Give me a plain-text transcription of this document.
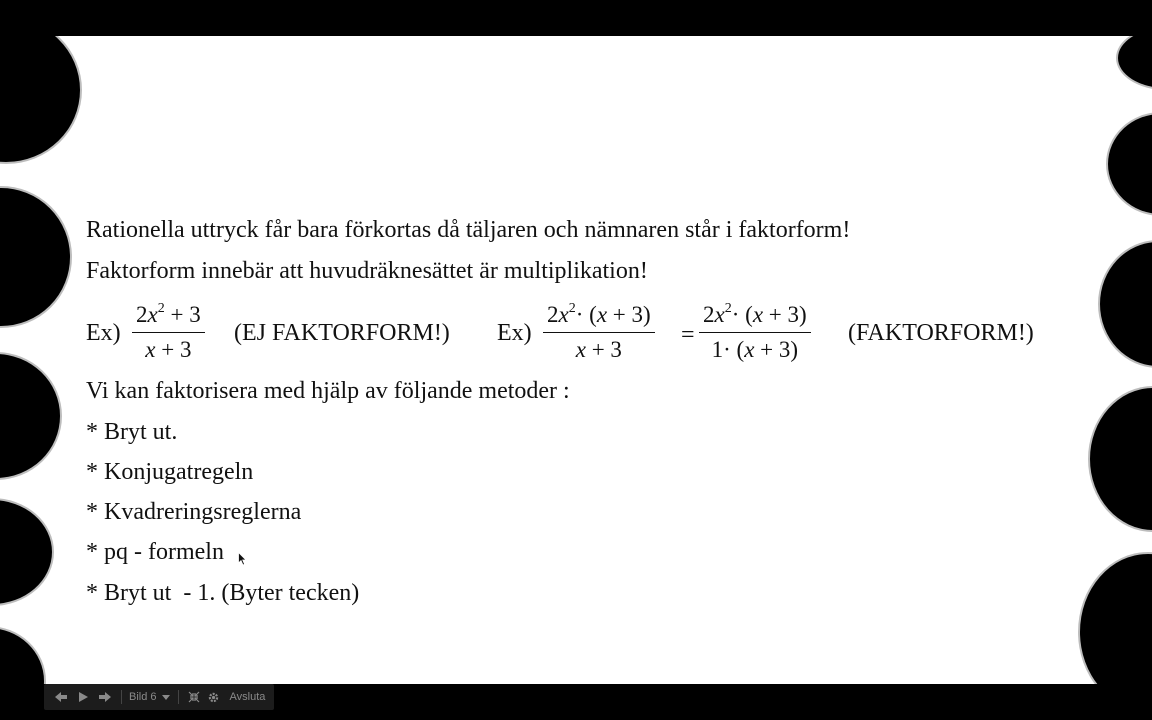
Rationella uttryck får bara förkortas då täljaren och nämnaren står i faktorform!
Faktorform innebär att huvudräknesättet är multiplikation!
$Ex) \frac{2x^2 + 3}{x + 3} (EJ$ FAKTORFORM!) $Ex) \frac{2x^2\cdot (x + 3)}{x + 3} = \frac{2x^2\cdot (x + 3)}{1\cdot (x + 3)}$ (FAKTORFORM!)
Vi kan faktorisera med hjälp av följande metoder :
* Bryt ut.
* Konjugatregeln
* Kvadreringsreglerna
* pq - formeln
* Bryt ut  - 1. (Byter tecken)
Bild 6	Avsluta
